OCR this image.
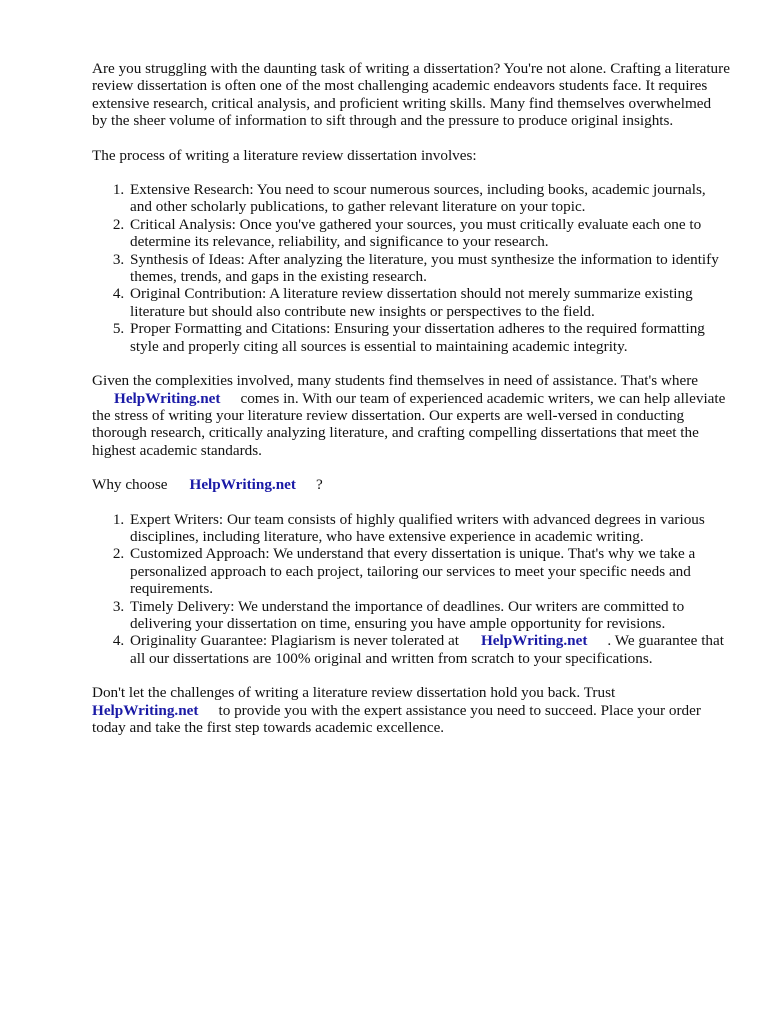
Are you struggling with the daunting task of writing a dissertation? You're not alone. Crafting a literature review dissertation is often one of the most challenging academic endeavors students face. It requires extensive research, critical analysis, and proficient writing skills. Many find themselves overwhelmed by the sheer volume of information to sift through and the pressure to produce original insights.

The process of writing a literature review dissertation involves:

1. Extensive Research: You need to scour numerous sources, including books, academic journals, and other scholarly publications, to gather relevant literature on your topic.
2. Critical Analysis: Once you've gathered your sources, you must critically evaluate each one to determine its relevance, reliability, and significance to your research.
3. Synthesis of Ideas: After analyzing the literature, you must synthesize the information to identify themes, trends, and gaps in the existing research.
4. Original Contribution: A literature review dissertation should not merely summarize existing literature but should also contribute new insights or perspectives to the field.
5. Proper Formatting and Citations: Ensuring your dissertation adheres to the required formatting style and properly citing all sources is essential to maintaining academic integrity.

Given the complexities involved, many students find themselves in need of assistance. That's where
HelpWriting.net comes in. With our team of experienced academic writers, we can help alleviate the stress of writing your literature review dissertation. Our experts are well-versed in conducting thorough research, critically analyzing literature, and crafting compelling dissertations that meet the highest academic standards.

Why choose HelpWriting.net ?

1. Expert Writers: Our team consists of highly qualified writers with advanced degrees in various disciplines, including literature, who have extensive experience in academic writing.
2. Customized Approach: We understand that every dissertation is unique. That's why we take a personalized approach to each project, tailoring our services to meet your specific needs and requirements.
3. Timely Delivery: We understand the importance of deadlines. Our writers are committed to delivering your dissertation on time, ensuring you have ample opportunity for revisions.
4. Originality Guarantee: Plagiarism is never tolerated at HelpWriting.net . We guarantee that all our dissertations are 100% original and written from scratch to your specifications.

Don't let the challenges of writing a literature review dissertation hold you back. Trust
HelpWriting.net to provide you with the expert assistance you need to succeed. Place your order today and take the first step towards academic excellence.
